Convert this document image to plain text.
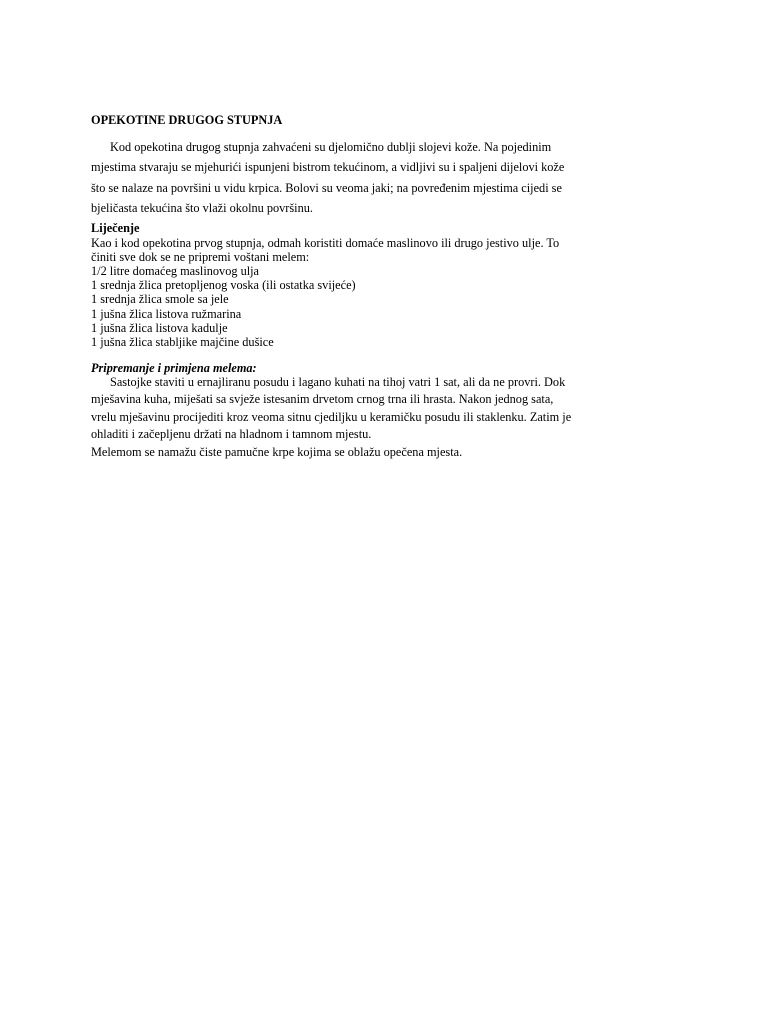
OPEKOTINE DRUGOG STUPNJA

Kod opekotina drugog stupnja zahvaćeni su djelomično dublji slojevi kože. Na pojedinim
mjestima stvaraju se mjehurići ispunjeni bistrom tekućinom, a vidljivi su i spaljeni dijelovi kože
što se nalaze na površini u vidu krpica. Bolovi su veoma jaki; na povređenim mjestima cijedi se
bjeličasta tekućina što vlaži okolnu površinu.

Liječenje

Kao i kod opekotina prvog stupnja, odmah koristiti domaće maslinovo ili drugo jestivo ulje. To
činiti sve dok se ne pripremi voštani melem:

1/2 litre domaćeg maslinovog ulja
1 srednja žlica pretopljenog voska (ili ostatka svijeće)
1 srednja žlica smole sa jele
1 jušna žlica listova ružmarina
1 jušna žlica listova kadulje
1 jušna žlica stabljike majčine dušice
Pripremanje i primjena melema:

Sastojke staviti u ernajliranu posudu i lagano kuhati na tihoj vatri 1 sat, ali da ne provri. Dok
mješavina kuha, miješati sa svježe istesanim drvetom crnog trna ili hrasta. Nakon jednog sata,
vrelu mješavinu procijediti kroz veoma sitnu cjediljku u keramičku posudu ili staklenku. Zatim je
ohladiti i začepljenu držati na hladnom i tamnom mjestu.
Melemom se namažu čiste pamučne krpe kojima se oblažu opečena mjesta.
